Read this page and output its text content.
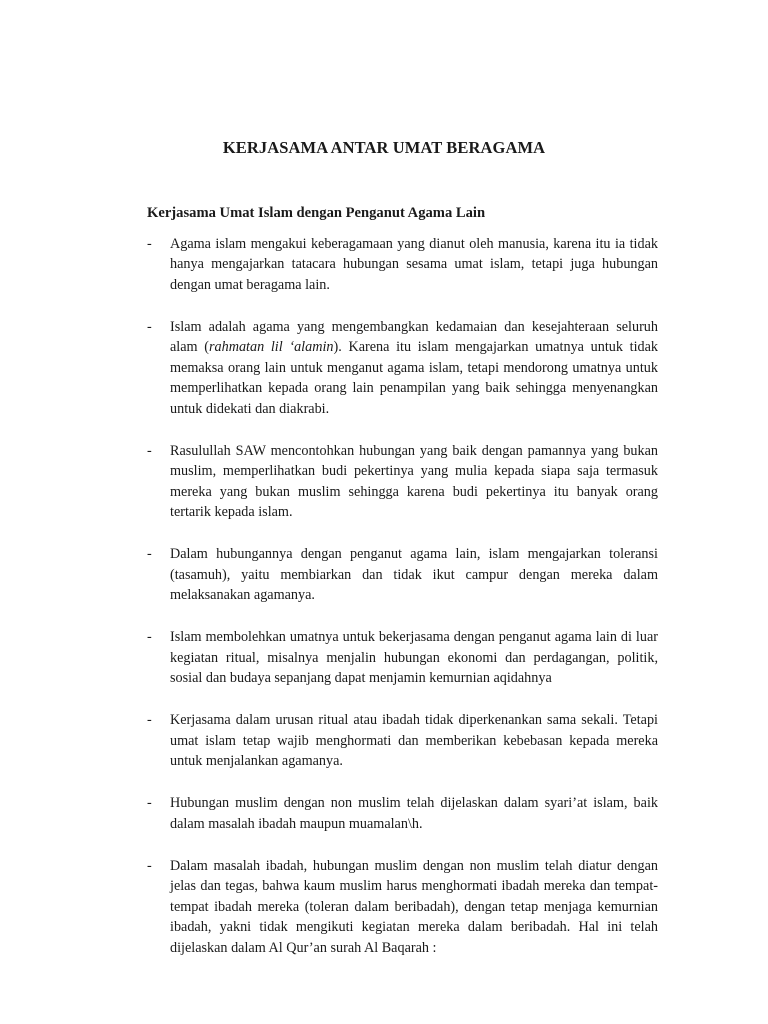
KERJASAMA ANTAR UMAT BERAGAMA
Kerjasama Umat Islam dengan Penganut Agama Lain
-	Agama islam mengakui keberagamaan yang dianut oleh manusia, karena itu ia tidak hanya mengajarkan tatacara hubungan sesama umat islam, tetapi juga hubungan dengan umat beragama lain.
-	Islam adalah agama yang mengembangkan kedamaian dan kesejahteraan seluruh alam (rahmatan lil ‘alamin). Karena itu islam mengajarkan umatnya untuk tidak memaksa orang lain untuk menganut agama islam, tetapi mendorong umatnya untuk memperlihatkan kepada orang lain penampilan yang baik sehingga menyenangkan untuk didekati dan diakrabi.
-	Rasulullah SAW mencontohkan hubungan yang baik dengan pamannya yang bukan muslim, memperlihatkan budi pekertinya yang mulia kepada siapa saja termasuk mereka yang bukan muslim sehingga karena budi pekertinya itu banyak orang tertarik kepada islam.
-	Dalam hubungannya dengan penganut agama lain, islam mengajarkan toleransi (tasamuh), yaitu membiarkan dan tidak ikut campur dengan mereka dalam melaksanakan agamanya.
-	Islam membolehkan umatnya untuk bekerjasama dengan penganut agama lain di luar kegiatan ritual, misalnya menjalin hubungan ekonomi dan perdagangan, politik, sosial dan budaya sepanjang dapat menjamin kemurnian aqidahnya
-	Kerjasama dalam urusan ritual atau ibadah tidak diperkenankan sama sekali. Tetapi umat islam tetap wajib menghormati dan memberikan kebebasan kepada mereka untuk menjalankan agamanya.
-	Hubungan muslim dengan non muslim telah dijelaskan dalam syari’at islam, baik dalam masalah ibadah maupun muamalan\h.
-	Dalam masalah ibadah, hubungan muslim dengan non muslim telah diatur dengan jelas dan tegas, bahwa kaum muslim harus menghormati ibadah mereka dan tempat-tempat ibadah mereka (toleran dalam beribadah), dengan tetap menjaga kemurnian ibadah, yakni tidak mengikuti kegiatan mereka dalam beribadah. Hal ini telah dijelaskan dalam Al Qur’an surah Al Baqarah :
